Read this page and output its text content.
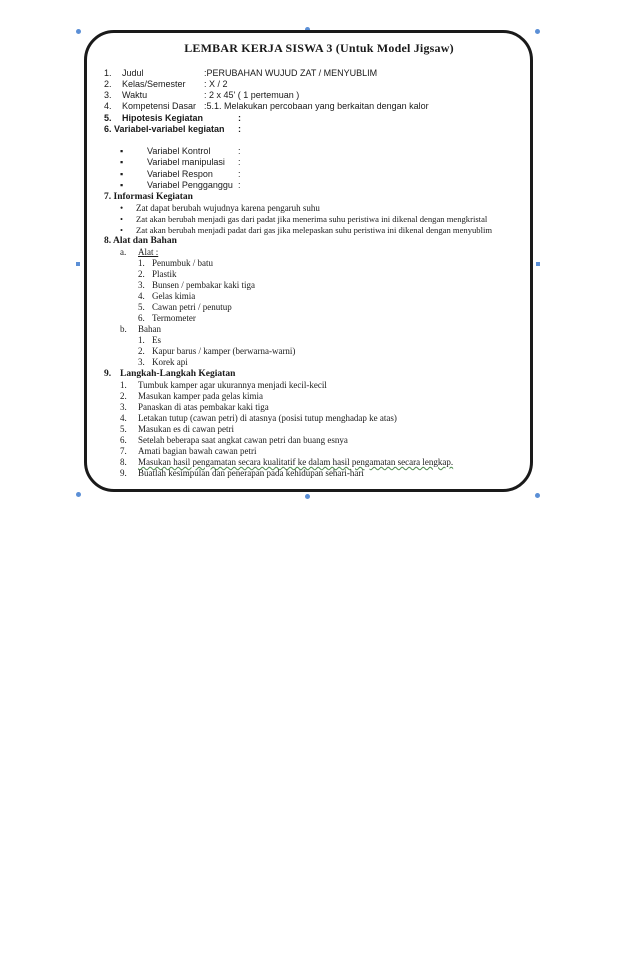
LEMBAR KERJA SISWA 3 (Untuk Model Jigsaw)
1. Judul	:PERUBAHAN WUJUD ZAT / MENYUBLIM
2. Kelas/Semester : X / 2
3. Waktu	: 2 x 45' ( 1 pertemuan )
4. Kompetensi Dasar :5.1. Melakukan percobaan yang berkaitan dengan kalor
5. Hipotesis Kegiatan	:
6. Variabel-variabel kegiatan :
▪	Variabel Kontrol	:
▪	Variabel manipulasi :
▪	Variabel Respon	:
▪	Variabel Pengganggu :
7. Informasi Kegiatan
• Zat dapat berubah wujudnya karena pengaruh suhu
• Zat akan berubah menjadi gas dari padat jika menerima suhu peristiwa ini dikenal dengan mengkristal
• Zat akan berubah menjadi padat dari gas jika melepaskan suhu peristiwa ini dikenal dengan menyublim
8. Alat dan Bahan
a. Alat :
1. Penumbuk / batu
2. Plastik
3. Bunsen / pembakar kaki tiga
4. Gelas kimia
5. Cawan petri / penutup
6. Termometer
b. Bahan
1. Es
2. Kapur barus / kamper (berwarna-warni)
3. Korek api
9. Langkah-Langkah Kegiatan
1. Tumbuk kamper agar ukurannya menjadi kecil-kecil
2. Masukan kamper pada gelas kimia
3. Panaskan di atas pembakar kaki tiga
4. Letakan tutup (cawan petri) di atasnya (posisi tutup menghadap ke atas)
5. Masukan es di cawan petri
6. Setelah beberapa saat angkat cawan petri dan buang esnya
7. Amati bagian bawah cawan petri
8. Masukan hasil pengamatan secara kualitatif ke dalam hasil pengamatan secara lengkap.
9. Buatlah kesimpulan dan penerapan pada kehidupan sehari-hari
